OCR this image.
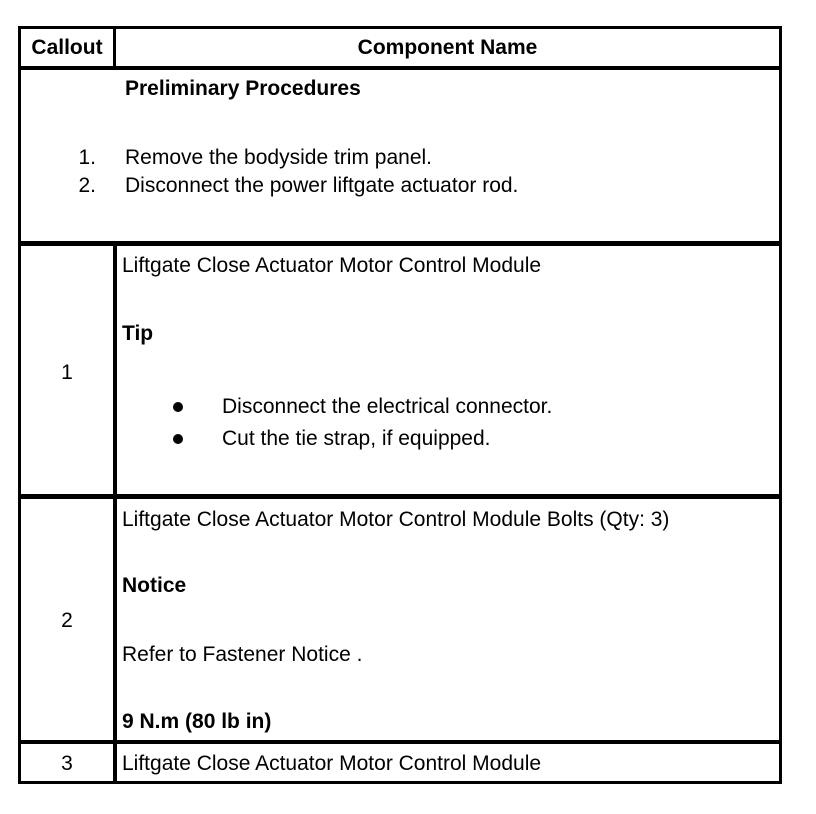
Callout	Component Name
Preliminary Procedures
1. Remove the bodyside trim panel.
2. Disconnect the power liftgate actuator rod.
1
Liftgate Close Actuator Motor Control Module
Tip
Disconnect the electrical connector.
Cut the tie strap, if equipped.
2
Liftgate Close Actuator Motor Control Module Bolts (Qty: 3)
Notice
Refer to Fastener Notice .
9 N.m (80 lb in)
3	Liftgate Close Actuator Motor Control Module
